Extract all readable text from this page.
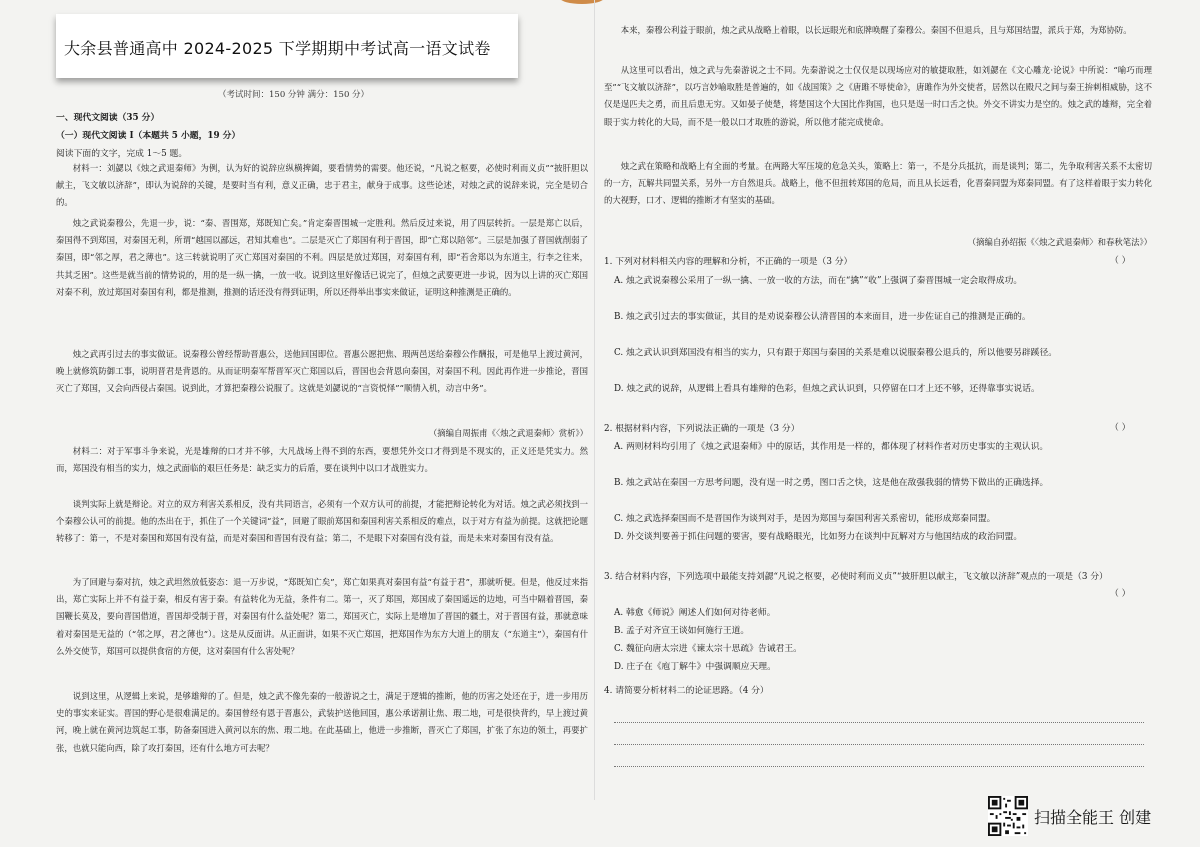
大余县普通高中 2024-2025 下学期期中考试高一语文试卷
（考试时间：150 分钟 满分：150 分）
一、现代文阅读（35 分）
（一）现代文阅读 I（本题共 5 小题，19 分）
阅读下面的文字，完成 1～5 题。
材料一：刘勰以《烛之武退秦师》为例，认为好的说辞应纵横捭阖，要看情势的需要。他还说，“凡说之枢要，必使时利而义贞”“披肝胆以献主，飞文敏以济辞”，即认为说辞的关键，是要时当有利，意义正确，忠于君主，献身于成事。这些论述，对烛之武的说辞来说，完全是切合的。
烛之武说秦穆公，先退一步，说：“秦、晋围郑，郑既知亡矣。”肯定秦晋围城一定胜利。然后反过来说，用了四层转折。一层是郑亡以后，秦国得不到郑国，对秦国无利，所谓“越国以鄙远，君知其难也”。二层是灭亡了郑国有利于晋国，即“亡郑以陪邻”。三层是加强了晋国就削弱了秦国，即“邻之厚，君之薄也”。这三转就说明了灭亡郑国对秦国的不利。四层是放过郑国，对秦国有利，即“若舍郑以为东道主，行李之往来，共其乏困”。这些是就当前的情势说的，用的是一纵一擒，一放一收。说到这里好像话已说完了，但烛之武要更进一步说，因为以上讲的灭亡郑国对秦不利，放过郑国对秦国有利，都是推测，推测的话还没有得到证明，所以还得举出事实来做证，证明这种推测是正确的。
烛之武再引过去的事实做证。说秦穆公曾经帮助晋惠公，送他回国即位。晋惠公愿把焦、瑕两邑送给秦穆公作酬报，可是他早上渡过黄河，晚上就修筑防御工事，说明晋君是背恩的。从而证明秦军帮晋军灭亡郑国以后，晋国也会背恩向秦国，对秦国不利。因此再作进一步推论，晋国灭亡了郑国，又会向西侵占秦国。说到此，才算把秦穆公说服了。这就是刘勰说的“言资悦怿”“顺情入机，动言中务”。
（摘编自周振甫《〈烛之武退秦师〉赏析》）
材料二：对于军事斗争来说，光是雄辩的口才并不够，大凡战场上得不到的东西，要想凭外交口才得到是不现实的，正义还是凭实力。然而，郑国没有相当的实力，烛之武面临的艰巨任务是：缺乏实力的后盾，要在谈判中以口才战胜实力。
谈判实际上就是辩论。对立的双方利害关系相反，没有共同语言，必须有一个双方认可的前提，才能把辩论转化为对话。烛之武必须找到一个秦穆公认可的前提。他的杰出在于，抓住了一个关键词“益”，回避了眼前郑国和秦国利害关系相反的难点，以于对方有益为前提。这就把论题转移了：第一，不是对秦国和郑国有没有益，而是对秦国和晋国有没有益；第二，不是眼下对秦国有没有益，而是未来对秦国有没有益。
为了回避与秦对抗，烛之武坦然放低姿态：退一万步说，“郑既知亡矣”，郑亡如果真对秦国有益“有益于君”，那就听便。但是，他反过来指出，郑亡实际上并不有益于秦，相反有害于秦。有益转化为无益，条件有二。第一，灭了郑国，郑国成了秦国遥远的边地，可当中隔着晋国，秦国鞭长莫及，要向晋国借道，晋国却受制于晋，对秦国有什么益处呢？第二，郑国灭亡，实际上是增加了晋国的疆土，对于晋国有益，那就意味着对秦国是无益的（“邻之厚，君之薄也”）。这是从反面讲。从正面讲，如果不灭亡郑国，把郑国作为东方大道上的朋友（“东道主”），秦国有什么外交使节，郑国可以提供食宿的方便，这对秦国有什么害处呢？
说到这里，从逻辑上来说，是够雄辩的了。但是，烛之武不像先秦的一般游说之士，满足于逻辑的推断，他的历害之处还在于，进一步用历史的事实来证实。晋国的野心是很难满足的。秦国曾经有恩于晋惠公，武装护送他回国，惠公承诺割让焦、瑕二地，可是很快背约，早上渡过黄河，晚上就在黄河边筑起工事，防备秦国进入黄河以东的焦、瑕二地。在此基础上，他进一步推断，晋灭亡了郑国，扩张了东边的领土，再要扩张，也就只能向西，除了攻打秦国，还有什么地方可去呢？
本来，秦穆公利益于眼前，烛之武从战略上着眼，以长远眼光和底牌唤醒了秦穆公。秦国不但退兵，且与郑国结盟，派兵于郑，为郑协防。
从这里可以看出，烛之武与先秦游说之士不同。先秦游说之士仅仅是以现场应对的敏捷取胜，如刘勰在《文心雕龙·论说》中所说：“喻巧而理至”“飞文敏以济辞”，以巧言妙喻取胜是普遍的，如《战国策》之《唐雎不辱使命》，唐雎作为外交使者，居然以在殿尺之间与秦王拚刺相威胁，这不仅是逞匹夫之勇，而且后患无穷。又如晏子使楚，将楚国这个大国比作狗国，也只是逞一时口舌之快。外交不讲实力是空的。烛之武的雄辩，完全着眼于实力转化的大局，而不是一般以口才取胜的游说，所以他才能完成使命。
烛之武在策略和战略上有全面的考量。在两路大军压境的危急关头，策略上：第一，不是分兵抵抗，而是谈判；第二，先争取利害关系不太密切的一方，瓦解共同盟关系，另外一方自然退兵。战略上，他不但扭转郑国的危局，而且从长远看，化晋秦同盟为郑秦同盟。有了这样着眼于实力转化的大视野，口才、逻辑的推断才有坚实的基础。
（摘编自孙绍振《〈烛之武退秦师〉和春秋笔法》）
1. 下列对材料相关内容的理解和分析，不正确的一项是（3 分）	（ ）
A. 烛之武说秦穆公采用了一纵一擒、一放一收的方法，而在“擒”“收”上强调了秦晋围城一定会取得成功。
B. 烛之武引过去的事实做证，其目的是劝说秦穆公认清晋国的本来面目，进一步佐证自己的推测是正确的。
C. 烛之武认识到郑国没有相当的实力，只有跟于郑国与秦国的关系是难以说服秦穆公退兵的，所以他要另辟蹊径。
D. 烛之武的说辞，从逻辑上看具有雄辩的色彩，但烛之武认识到，只停留在口才上还不够，还得靠事实说话。
2. 根据材料内容，下列说法正确的一项是（3 分）	（ ）
A. 两则材料均引用了《烛之武退秦师》中的原话，其作用是一样的，都体现了材料作者对历史事实的主观认识。
B. 烛之武站在秦国一方思考问题，没有逞一时之勇，图口舌之快，这是他在敌强我弱的情势下做出的正确选择。
C. 烛之武选择秦国而不是晋国作为谈判对手，是因为郑国与秦国利害关系密切，能形成郑秦同盟。
D. 外交谈判要善于抓住问题的要害，要有战略眼光，比如努力在谈判中瓦解对方与他国结成的政治同盟。
3. 结合材料内容，下列选项中最能支持刘勰“凡说之枢要，必使时利而义贞”“披肝胆以献主，飞文敏以济辞”观点的一项是（3 分）
（ ）
A. 韩愈《师说》阐述人们如何对待老师。
B. 孟子对齐宣王谈如何施行王道。
C. 魏征向唐太宗进《谏太宗十思疏》告诫君王。
D. 庄子在《庖丁解牛》中强调顺应天理。
4. 请简要分析材料二的论证思路。（4 分）
扫描全能王 创建
